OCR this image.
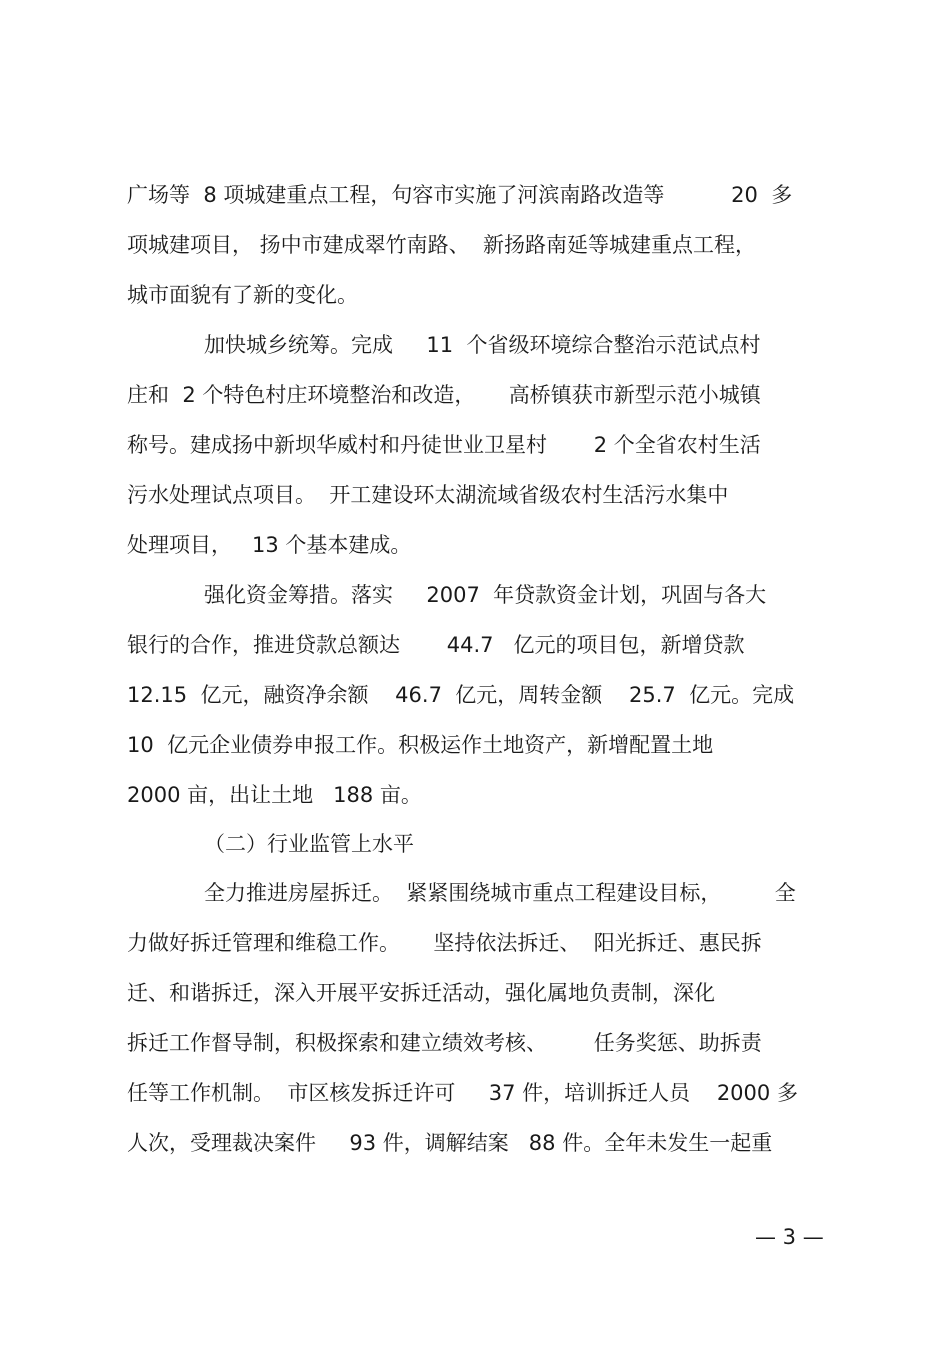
广场等  8 项城建重点工程，句容市实施了河滨南路改造等          20  多
项城建项目， 扬中市建成翠竹南路、  新扬路南延等城建重点工程，
城市面貌有了新的变化。
加快城乡统筹。完成     11  个省级环境综合整治示范试点村
庄和  2 个特色村庄环境整治和改造，     高桥镇获市新型示范小城镇
称号。建成扬中新坝华威村和丹徒世业卫星村       2 个全省农村生活
污水处理试点项目。  开工建设环太湖流域省级农村生活污水集中
处理项目，   13 个基本建成。
强化资金筹措。落实     2007  年贷款资金计划，巩固与各大
银行的合作，推进贷款总额达       44.7   亿元的项目包，新增贷款
12.15  亿元，融资净余额    46.7  亿元，周转金额    25.7  亿元。完成
10  亿元企业债券申报工作。积极运作土地资产，新增配置土地
2000 亩，出让土地   188 亩。
（二）行业监管上水平
全力推进房屋拆迁。  紧紧围绕城市重点工程建设目标，        全
力做好拆迁管理和维稳工作。     坚持依法拆迁、  阳光拆迁、惠民拆
迁、和谐拆迁，深入开展平安拆迁活动，强化属地负责制，深化
拆迁工作督导制，积极探索和建立绩效考核、       任务奖惩、助拆责
任等工作机制。  市区核发拆迁许可     37 件，培训拆迁人员    2000 多
人次，受理裁决案件     93 件，调解结案   88 件。全年未发生一起重
— 3 —
